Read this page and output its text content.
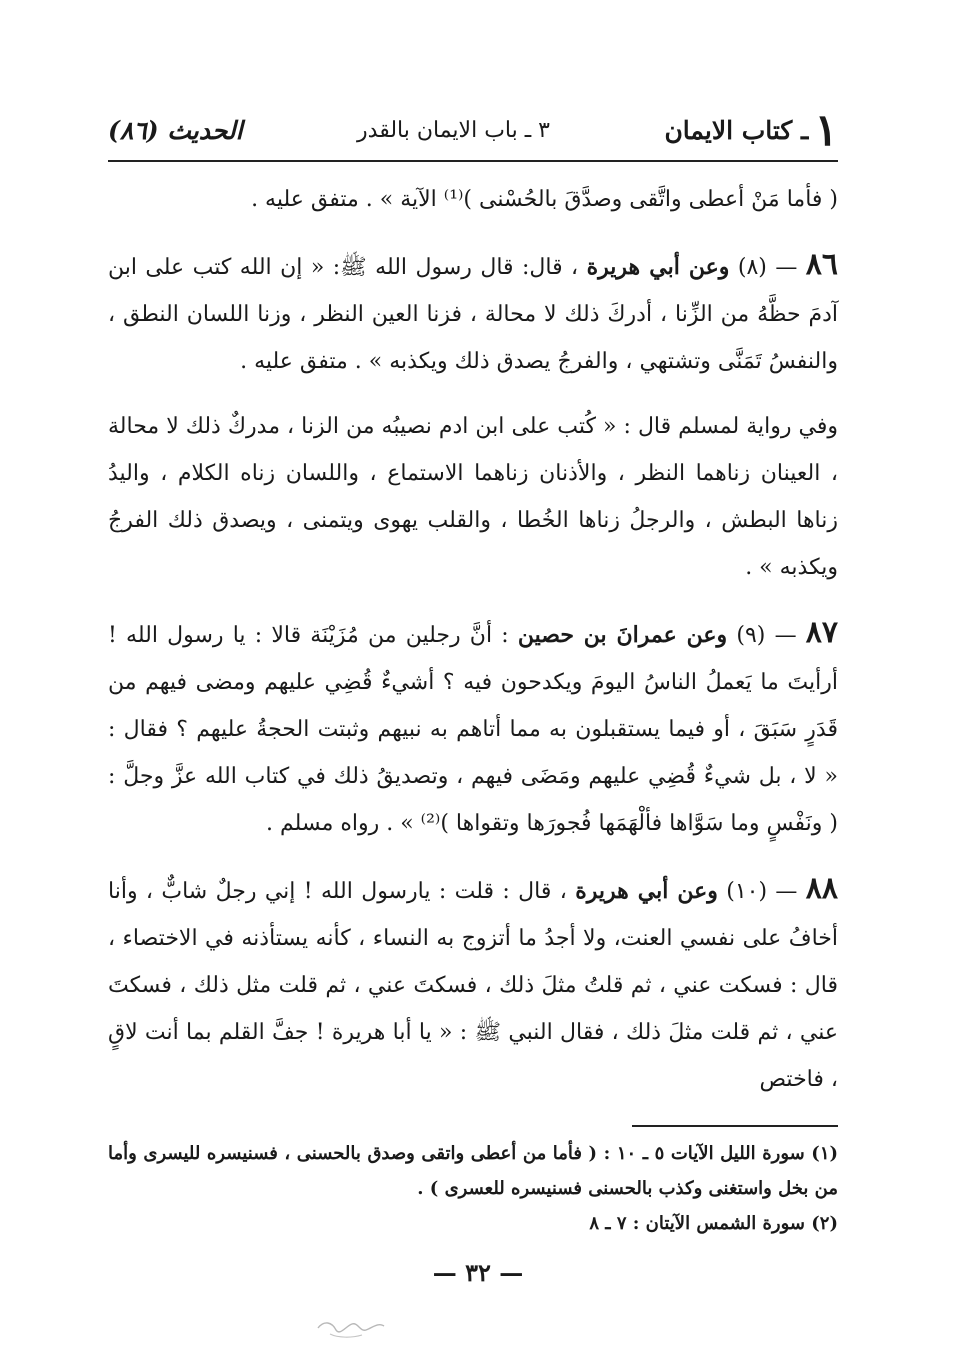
١ـ كتاب الايمان
٣ ـ باب الايمان بالقدر
الحديث (٨٦)

( فأما مَنْ أعطى واتَّقى وصدَّقَ بالحُسْنى )⁽¹⁾ الآية » . متفق عليه .

٨٦ — (٨) وعن أبي هريرة ، قال: قال رسول الله ﷺ: « إن الله كتب على ابن آدمَ حظَّهُ من الزِّنا ، أدركَ ذلك لا محالة ، فزنا العين النظر ، وزنا اللسان النطق ، والنفسُ تَمَنَّى وتشتهي ، والفرجُ يصدق ذلك ويكذبه » . متفق عليه .

وفي رواية لمسلم قال : « كُتب على ابن ادم نصيبُه من الزنا ، مدركٌ ذلك لا محالة ، العينان زناهما النظر ، والأذنان زناهما الاستماع ، واللسان زناه الكلام ، واليدُ زناها البطش ، والرجلُ زناها الخُطا ، والقلب يهوى ويتمنى ، ويصدق ذلك الفرجُ ويكذبه » .

٨٧ — (٩) وعن عمرانَ بن حصين : أنَّ رجلين من مُزَيْنَة قالا : يا رسول الله ! أرأيتَ ما يَعملُ الناسُ اليومَ ويكدحون فيه ؟ أشيءٌ قُضِي عليهم ومضى فيهم من قَدَرٍ سَبَقَ ، أو فيما يستقبلون به مما أتاهم به نبيهم وثبتت الحجةُ عليهم ؟ فقال : « لا ، بل شيءٌ قُضِي عليهم ومَضَى فيهم ، وتصديقُ ذلك في كتاب الله عزَّ وجلَّ : ( ونَفْسٍ وما سَوَّاها فألْهَمَها فُجورَها وتقواها )⁽²⁾ » . رواه مسلم .

٨٨ — (١٠) وعن أبي هريرة ، قال : قلت : يارسول الله ! إني رجلٌ شابٌّ ، وأنا أخافُ على نفسي العنت، ولا أجدُ ما أتزوج به النساء ، كأنه يستأذنه في الاختصاء ، قال : فسكت عني ، ثم قلتُ مثلَ ذلك ، فسكتَ عني ، ثم قلت مثل ذلك ، فسكتَ عني ، ثم قلت مثلَ ذلك ، فقال النبي ﷺ : « يا أبا هريرة ! جفَّ القلم بما أنت لاقٍ ، فاختص

(١) سورة الليل الآيات ٥ ـ ١٠ : ( فأما من أعطى واتقى وصدق بالحسنى ، فسنيسره لليسرى وأما من بخل واستغنى وكذب بالحسنى فسنيسره للعسرى ) .

(٢) سورة الشمس الآيتان : ٧ ـ ٨

— ٣٢ —
